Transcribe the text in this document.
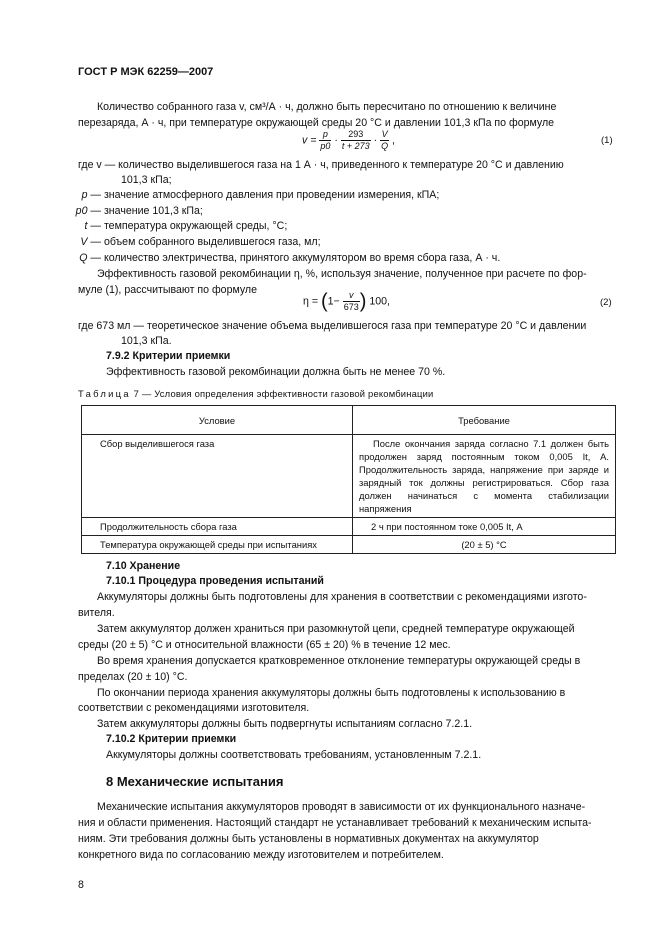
ГОСТ Р МЭК 62259—2007
Количество собранного газа v, см³/А · ч, должно быть пересчитано по отношению к величине
перезаряда, А · ч, при температуре окружающей среды 20 °С и давлении 101,3 кПа по формуле
$v = \frac{p}{p0} \cdot \frac{293}{t + 273} \cdot \frac{V}{Q}$ ,	(1)
где v — количество выделившегося газа на 1 А · ч, приведенного к температуре 20 °С и давлению
101,3 кПа;
p — значение атмосферного давления при проведении измерения, кПА;
p0 — значение 101,3 кПа;
t — температура окружающей среды, °С;
V — объем собранного выделившегося газа, мл;
Q — количество электричества, принятого аккумулятором во время сбора газа, А · ч.
Эффективность газовой рекомбинации η, %, используя значение, полученное при расчете по фор-
муле (1), рассчитывают по формуле
$\eta = (1- \frac{v}{673}$ ) 100,	(2)
где 673 мл — теоретическое значение объема выделившегося газа при температуре 20 °С и давлении
101,3 кПа.
7.9.2 Критерии приемки
Эффективность газовой рекомбинации должна быть не менее 70 %.
Таблица 7 — Условия определения эффективности газовой рекомбинации
Условие	Требование
Сбор выделившегося газа	После окончания заряда согласно 7.1 должен быть продолжен заряд постоянным током 0,005 It, А. Продолжительность заряда, напряжение при заряде и зарядный ток должны регистрироваться. Сбор газа должен начинаться с момента стабилизации напряжения
Продолжительность сбора газа	2 ч при постоянном токе 0,005 It, А
Температура окружающей среды при испытаниях	(20 ± 5) °С
7.10 Хранение
7.10.1 Процедура проведения испытаний
Аккумуляторы должны быть подготовлены для хранения в соответствии с рекомендациями изгото-
вителя.
Затем аккумулятор должен храниться при разомкнутой цепи, средней температуре окружающей
среды (20 ± 5) °С и относительной влажности (65 ± 20) % в течение 12 мес.
Во время хранения допускается кратковременное отклонение температуры окружающей среды в
пределах (20 ± 10) °С.
По окончании периода хранения аккумуляторы должны быть подготовлены к использованию в
соответствии с рекомендациями изготовителя.
Затем аккумуляторы должны быть подвергнуты испытаниям согласно 7.2.1.
7.10.2 Критерии приемки
Аккумуляторы должны соответствовать требованиям, установленным 7.2.1.
8 Механические испытания
Механические испытания аккумуляторов проводят в зависимости от их функционального назначе-
ния и области применения. Настоящий стандарт не устанавливает требований к механическим испыта-
ниям. Эти требования должны быть установлены в нормативных документах на аккумулятор
конкретного вида по согласованию между изготовителем и потребителем.
8
